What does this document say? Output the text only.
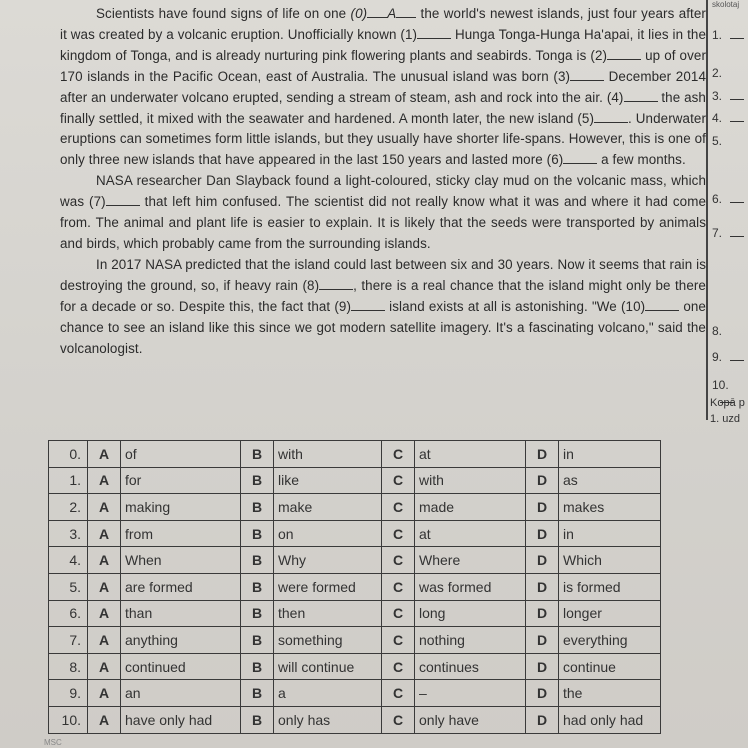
skolotaj

Scientists have found signs of life on one (0) A the world's newest islands, just four years after it was created by a volcanic eruption. Unofficially known (1)	Hunga Tonga-Hunga Ha'apai, it lies in the kingdom of Tonga, and is already nurturing pink flowering plants and seabirds. Tonga is (2)	up of over 170 islands in the Pacific Ocean, east of Australia. The unusual island was born (3)	December 2014 after an underwater volcano erupted, sending a stream of steam, ash and rock into the air. (4)	the ash finally settled, it mixed with the seawater and hardened. A month later, the new island (5)	. Underwater eruptions can sometimes form little islands, but they usually have shorter life-spans. However, this is one of only three new islands that have appeared in the last 150 years and lasted more (6)	a few months.

NASA researcher Dan Slayback found a light-coloured, sticky clay mud on the volcanic mass, which was (7)	that left him confused. The scientist did not really know what it was and where it had come from. The animal and plant life is easier to explain. It is likely that the seeds were transported by animals and birds, which probably came from the surrounding islands.

In 2017 NASA predicted that the island could last between six and 30 years. Now it seems that rain is destroying the ground, so, if heavy rain (8)	, there is a real chance that the island might only be there for a decade or so. Despite this, the fact that (9)	island exists at all is astonishing. "We (10)	one chance to see an island like this since we got modern satellite imagery. It's a fascinating volcano," said the volcanologist.

1.
2.
3.
4.
5.
6.
7.
8.
9.
10.
Kopā p
1. uzd
0.	A	of	B	with	C	at	D	in
1.	A	for	B	like	C	with	D	as
2.	A	making	B	make	C	made	D	makes
3.	A	from	B	on	C	at	D	in
4.	A	When	B	Why	C	Where	D	Which
5.	A	are formed	B	were formed	C	was formed	D	is formed
6.	A	than	B	then	C	long	D	longer
7.	A	anything	B	something	C	nothing	D	everything
8.	A	continued	B	will continue	C	continues	D	continue
9.	A	an	B	a	C	–	D	the
10.	A	have only had	B	only has	C	only have	D	had only had
MSC
